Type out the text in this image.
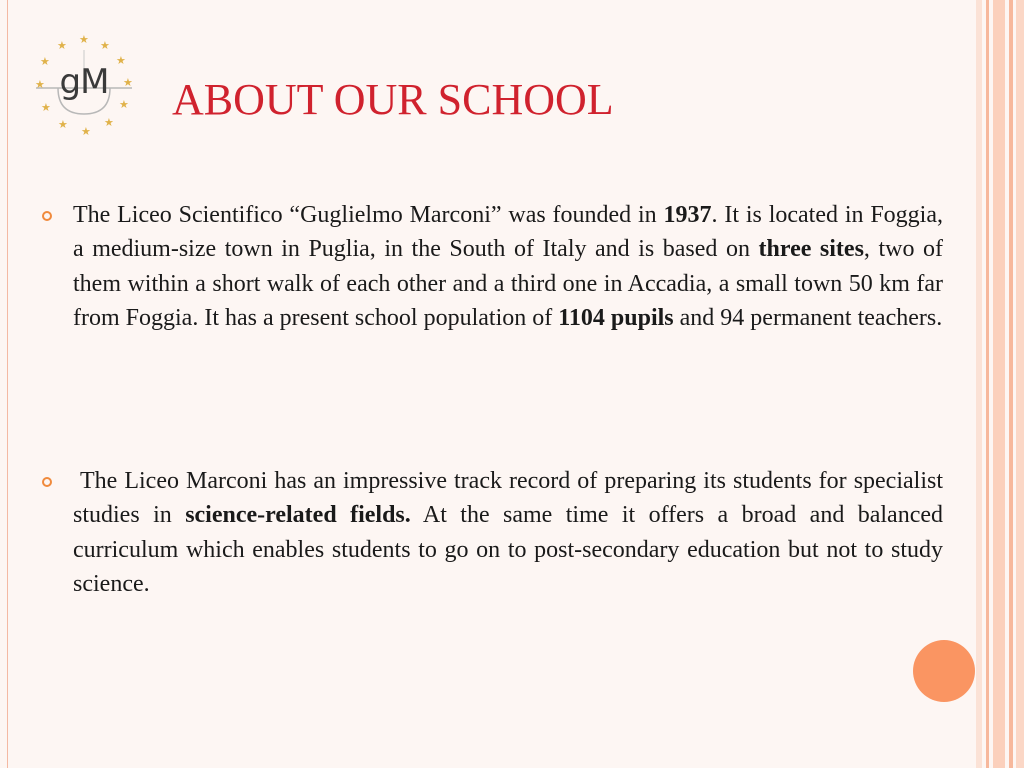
★ ★
★
★
★
★
★
★
★
★
★
★
gM	ABOUT OUR SCHOOL

The Liceo Scientifico “Guglielmo Marconi” was founded in 1937. It is located in Foggia, a medium-size town in Puglia, in the South of Italy and is based on three sites, two of them within a short walk of each other and a third one in Accadia, a small town 50 km far from Foggia. It has a present school population of 1104 pupils and 94 permanent teachers.

The Liceo Marconi has an impressive track record of preparing its students for specialist studies in science-related fields. At the same time it offers a broad and balanced curriculum which enables students to go on to post-secondary education but not to study science.
